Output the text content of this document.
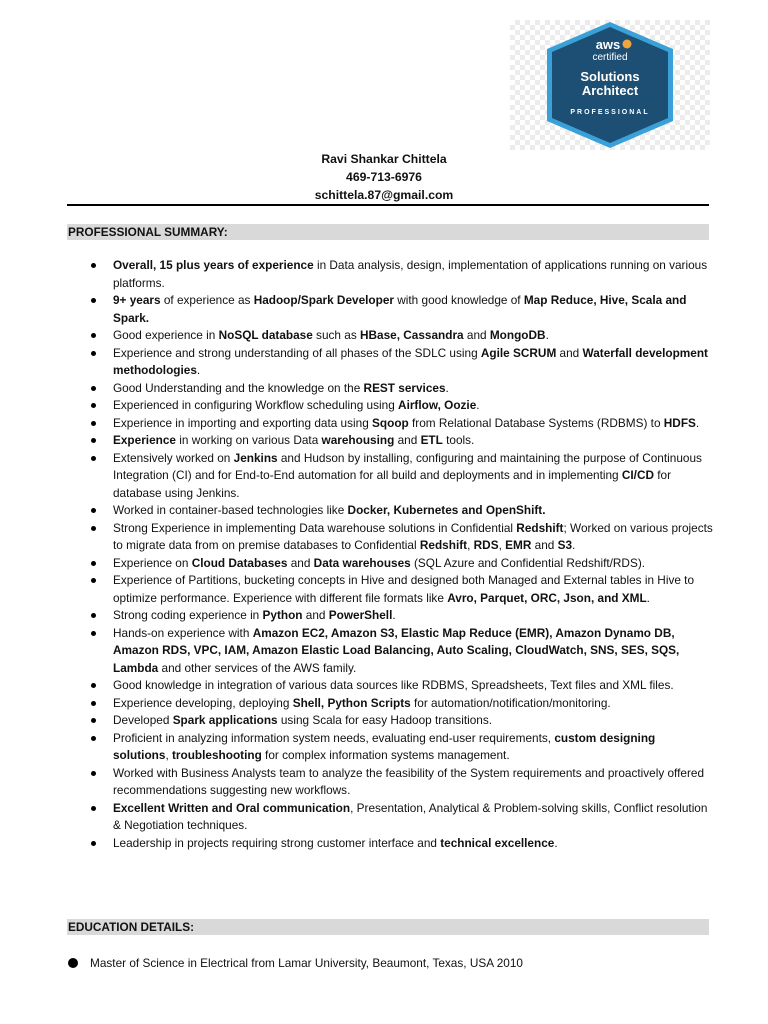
aws
certified
Solutions
Architect
PROFESSIONAL
Ravi Shankar Chittela
469-713-6976
schittela.87@gmail.com
PROFESSIONAL SUMMARY:
Overall, 15 plus years of experience in Data analysis, design, implementation of applications running on various platforms.
9+ years of experience as Hadoop/Spark Developer with good knowledge of Map Reduce, Hive, Scala and Spark.
Good experience in NoSQL database such as HBase, Cassandra and MongoDB.
Experience and strong understanding of all phases of the SDLC using Agile SCRUM and Waterfall development methodologies.
Good Understanding and the knowledge on the REST services.
Experienced in configuring Workflow scheduling using Airflow, Oozie.
Experience in importing and exporting data using Sqoop from Relational Database Systems (RDBMS) to HDFS.
Experience in working on various Data warehousing and ETL tools.
Extensively worked on Jenkins and Hudson by installing, configuring and maintaining the purpose of Continuous Integration (CI) and for End-to-End automation for all build and deployments and in implementing CI/CD for database using Jenkins.
Worked in container-based technologies like Docker, Kubernetes and OpenShift.
Strong Experience in implementing Data warehouse solutions in Confidential Redshift; Worked on various projects to migrate data from on premise databases to Confidential Redshift, RDS, EMR and S3.
Experience on Cloud Databases and Data warehouses (SQL Azure and Confidential Redshift/RDS).
Experience of Partitions, bucketing concepts in Hive and designed both Managed and External tables in Hive to optimize performance. Experience with different file formats like Avro, Parquet, ORC, Json, and XML.
Strong coding experience in Python and PowerShell.
Hands-on experience with Amazon EC2, Amazon S3, Elastic Map Reduce (EMR), Amazon Dynamo DB, Amazon RDS, VPC, IAM, Amazon Elastic Load Balancing, Auto Scaling, CloudWatch, SNS, SES, SQS, Lambda and other services of the AWS family.
Good knowledge in integration of various data sources like RDBMS, Spreadsheets, Text files and XML files.
Experience developing, deploying Shell, Python Scripts for automation/notification/monitoring.
Developed Spark applications using Scala for easy Hadoop transitions.
Proficient in analyzing information system needs, evaluating end-user requirements, custom designing solutions, troubleshooting for complex information systems management.
Worked with Business Analysts team to analyze the feasibility of the System requirements and proactively offered recommendations suggesting new workflows.
Excellent Written and Oral communication, Presentation, Analytical & Problem-solving skills, Conflict resolution & Negotiation techniques.
Leadership in projects requiring strong customer interface and technical excellence.
EDUCATION DETAILS:
Master of Science in Electrical from Lamar University, Beaumont, Texas, USA 2010
